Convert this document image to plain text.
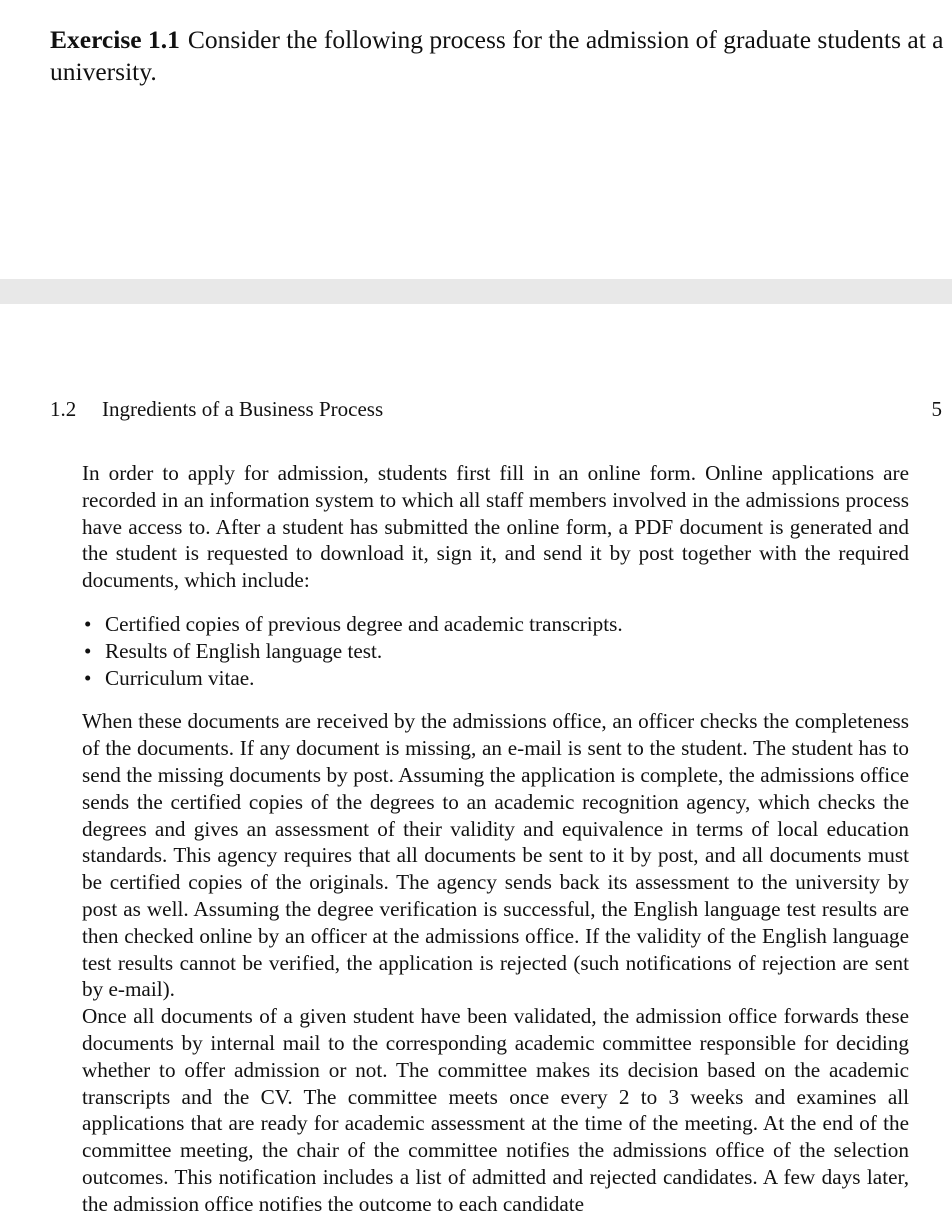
Exercise 1.1 Consider the following process for the admission of graduate students at a university.

1.2 Ingredients of a Business Process	5

In order to apply for admission, students first fill in an online form. Online applications are recorded in an information system to which all staff members involved in the admissions process have access to. After a student has submitted the online form, a PDF document is generated and the student is requested to download it, sign it, and send it by post together with the required documents, which include:

• Certified copies of previous degree and academic transcripts.
• Results of English language test.
• Curriculum vitae.

When these documents are received by the admissions office, an officer checks the completeness of the documents. If any document is missing, an e-mail is sent to the student. The student has to send the missing documents by post. Assuming the application is complete, the admissions office sends the certified copies of the degrees to an academic recognition agency, which checks the degrees and gives an assessment of their validity and equivalence in terms of local education standards. This agency requires that all documents be sent to it by post, and all documents must be certified copies of the originals. The agency sends back its assessment to the university by post as well. Assuming the degree verification is successful, the English language test results are then checked online by an officer at the admissions office. If the validity of the English language test results cannot be verified, the application is rejected (such notifications of rejection are sent by e-mail).

Once all documents of a given student have been validated, the admission office forwards these documents by internal mail to the corresponding academic committee responsible for deciding whether to offer admission or not. The committee makes its decision based on the academic transcripts and the CV. The committee meets once every 2 to 3 weeks and examines all applications that are ready for academic assessment at the time of the meeting. At the end of the committee meeting, the chair of the committee notifies the admissions office of the selection outcomes. This notification includes a list of admitted and rejected candidates. A few days later, the admission office notifies the outcome to each candidate
